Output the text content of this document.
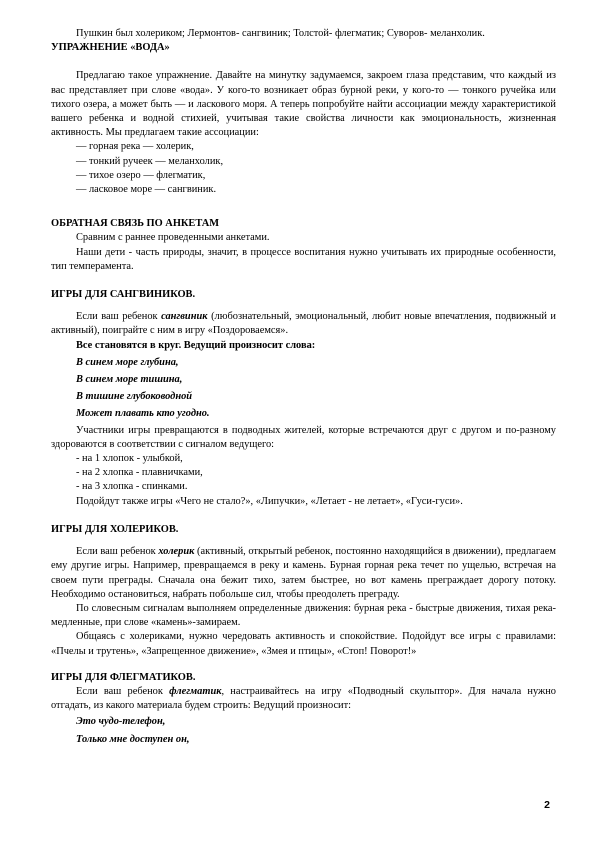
Пушкин был холериком; Лермонтов- сангвиник; Толстой- флегматик; Суворов- меланхолик.

УПРАЖНЕНИЕ «ВОДА»

Предлагаю такое упражнение. Давайте на минутку задумаемся, закроем глаза представим, что каждый из вас представляет при слове «вода». У кого-то возникает образ бурной реки, у кого-то — тонкого ручейка или тихого озера, а может быть — и ласкового моря. А теперь попробуйте найти ассоциации между характеристикой вашего ребенка и водной стихией, учитывая такие свойства личности как эмоциональность, жизненная активность. Мы предлагаем такие ассоциации:

— горная река — холерик,

— тонкий ручеек — меланхолик,

— тихое озеро — флегматик,

— ласковое море — сангвиник.

ОБРАТНАЯ СВЯЗЬ ПО АНКЕТАМ

Сравним с раннее проведенными анкетами.

Наши дети - часть природы, значит, в процессе воспитания нужно учитывать их природные особенности, тип темперамента.

ИГРЫ ДЛЯ САНГВИНИКОВ.

Если ваш ребенок сангвиник (любознательный, эмоциональный, любит новые впечатления, подвижный и активный), поиграйте с ним в игру «Поздороваемся».

Все становятся в круг. Ведущий произносит слова:

В синем море глубина,

В синем море тишина,

В тишине глубоководной

Может плавать кто угодно.

Участники игры превращаются в подводных жителей, которые встречаются друг с другом и по-разному здороваются в соответствии с сигналом ведущего:

- на 1 хлопок - улыбкой,

- на 2 хлопка - плавничками,

- на 3 хлопка - спинками.

Подойдут также игры «Чего не стало?», «Липучки», «Летает - не летает», «Гуси-гуси».

ИГРЫ ДЛЯ ХОЛЕРИКОВ.

Если ваш ребенок холерик (активный, открытый ребенок, постоянно находящийся в движении), предлагаем ему другие игры. Например, превращаемся в реку и камень. Бурная горная река течет по ущелью, встречая на своем пути преграды. Сначала она бежит тихо, затем быстрее, но вот камень преграждает дорогу потоку. Необходимо остановиться, набрать побольше сил, чтобы преодолеть преграду.

По словесным сигналам выполняем определенные движения: бурная река - быстрые движения, тихая река- медленные, при слове «камень»-замираем.

Общаясь с холериками, нужно чередовать активность и спокойствие. Подойдут все игры с правилами: «Пчелы и трутень», «Запрещенное движение», «Змея и птицы», «Стоп! Поворот!»

ИГРЫ ДЛЯ ФЛЕГМАТИКОВ.

Если ваш ребенок флегматик, настраивайтесь на игру «Подводный скульптор». Для начала нужно отгадать, из какого материала будем строить: Ведущий произносит:

Это чудо-телефон,

Только мне доступен он,

2
